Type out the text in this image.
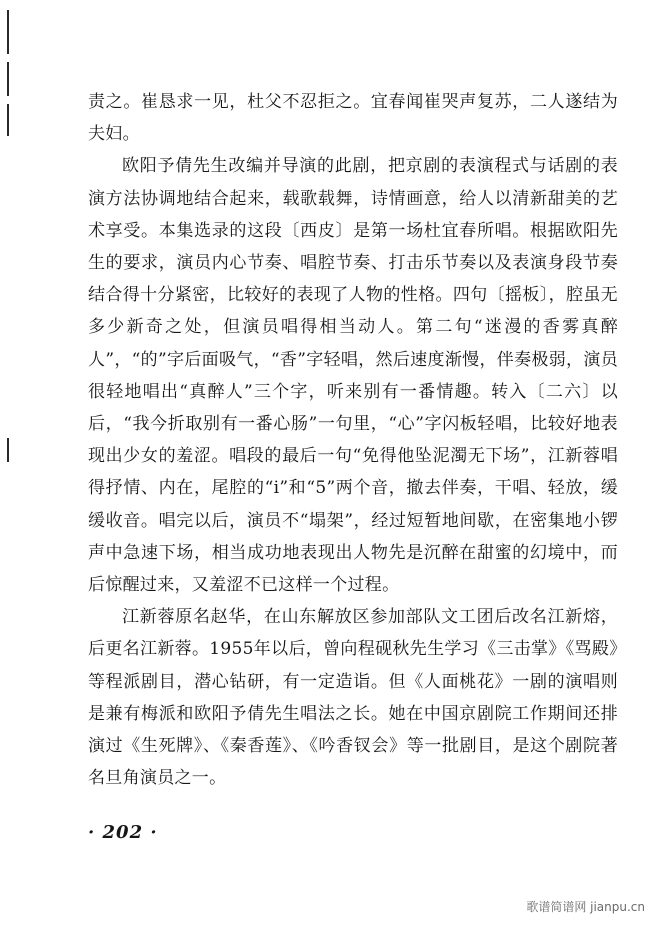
责之。崔恳求一见，杜父不忍拒之。宜春闻崔哭声复苏，二人遂结为夫妇。

欧阳予倩先生改编并导演的此剧，把京剧的表演程式与话剧的表演方法协调地结合起来，载歌载舞，诗情画意，给人以清新甜美的艺术享受。本集选录的这段〔西皮〕是第一场杜宜春所唱。根据欧阳先生的要求，演员内心节奏、唱腔节奏、打击乐节奏以及表演身段节奏结合得十分紧密，比较好的表现了人物的性格。四句〔摇板〕，腔虽无多少新奇之处，但演员唱得相当动人。第二句“迷漫的香雾真醉人”，“的”字后面吸气，“香”字轻唱，然后速度渐慢，伴奏极弱，演员很轻地唱出“真醉人”三个字，听来别有一番情趣。转入〔二六〕以后，“我今折取别有一番心肠”一句里，“心”字闪板轻唱，比较好地表现出少女的羞涩。唱段的最后一句“免得他坠泥濁无下场”，江新蓉唱得抒情、内在，尾腔的“i”和“5”两个音，撤去伴奏，干唱、轻放，缓缓收音。唱完以后，演员不“塌架”，经过短暂地间歇，在密集地小锣声中急速下场，相当成功地表现出人物先是沉醉在甜蜜的幻境中，而后惊醒过来，又羞涩不已这样一个过程。

江新蓉原名赵华，在山东解放区参加部队文工团后改名江新熔，后更名江新蓉。1955年以后，曾向程砚秋先生学习《三击掌》《骂殿》等程派剧目，潜心钻研，有一定造诣。但《人面桃花》一剧的演唱则是兼有梅派和欧阳予倩先生唱法之长。她在中国京剧院工作期间还排演过《生死牌》、《秦香莲》、《吟香钗会》等一批剧目，是这个剧院著名旦角演员之一。

· 202 ·
歌谱简谱网 jianpu.cn
